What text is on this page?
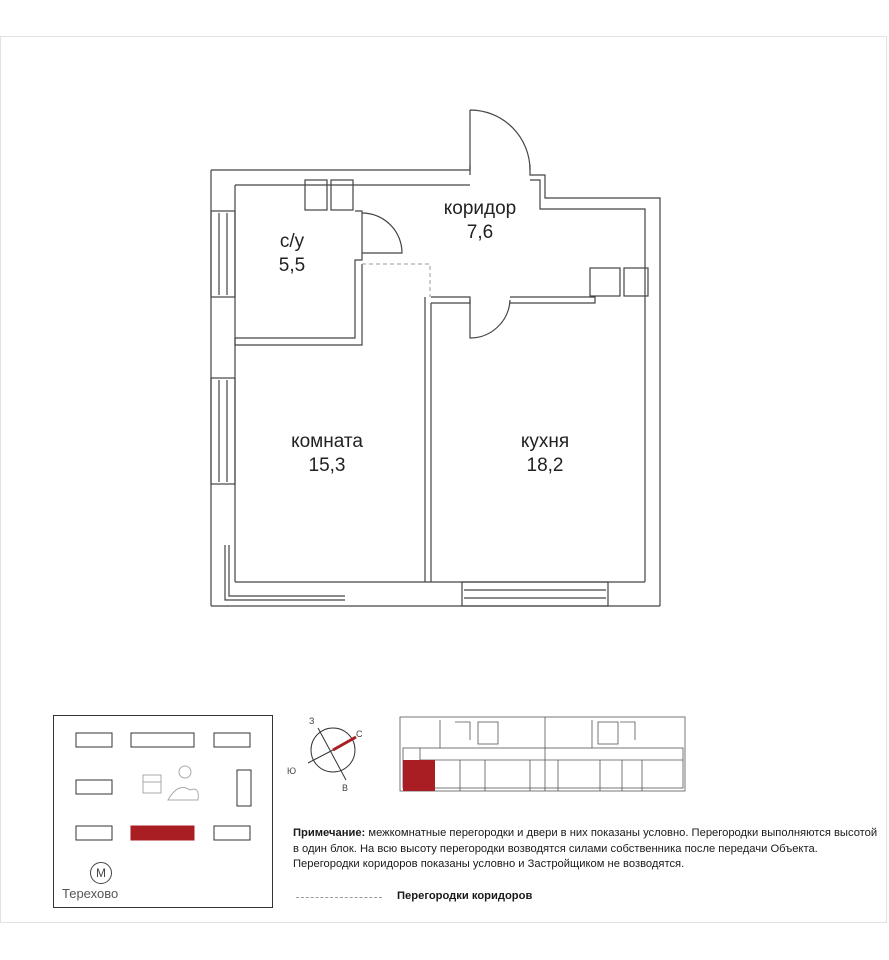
с/у
5,5
коридор
7,6
комната
15,3
кухня
18,2
М
Терехово
З
С
Ю
В
Примечание: межкомнатные перегородки и двери в них показаны условно. Перегородки выполняются высотой в один блок. На всю высоту перегородки возводятся силами собственника после передачи Объекта. Перегородки коридоров показаны условно и Застройщиком не возводятся.
Перегородки коридоров
